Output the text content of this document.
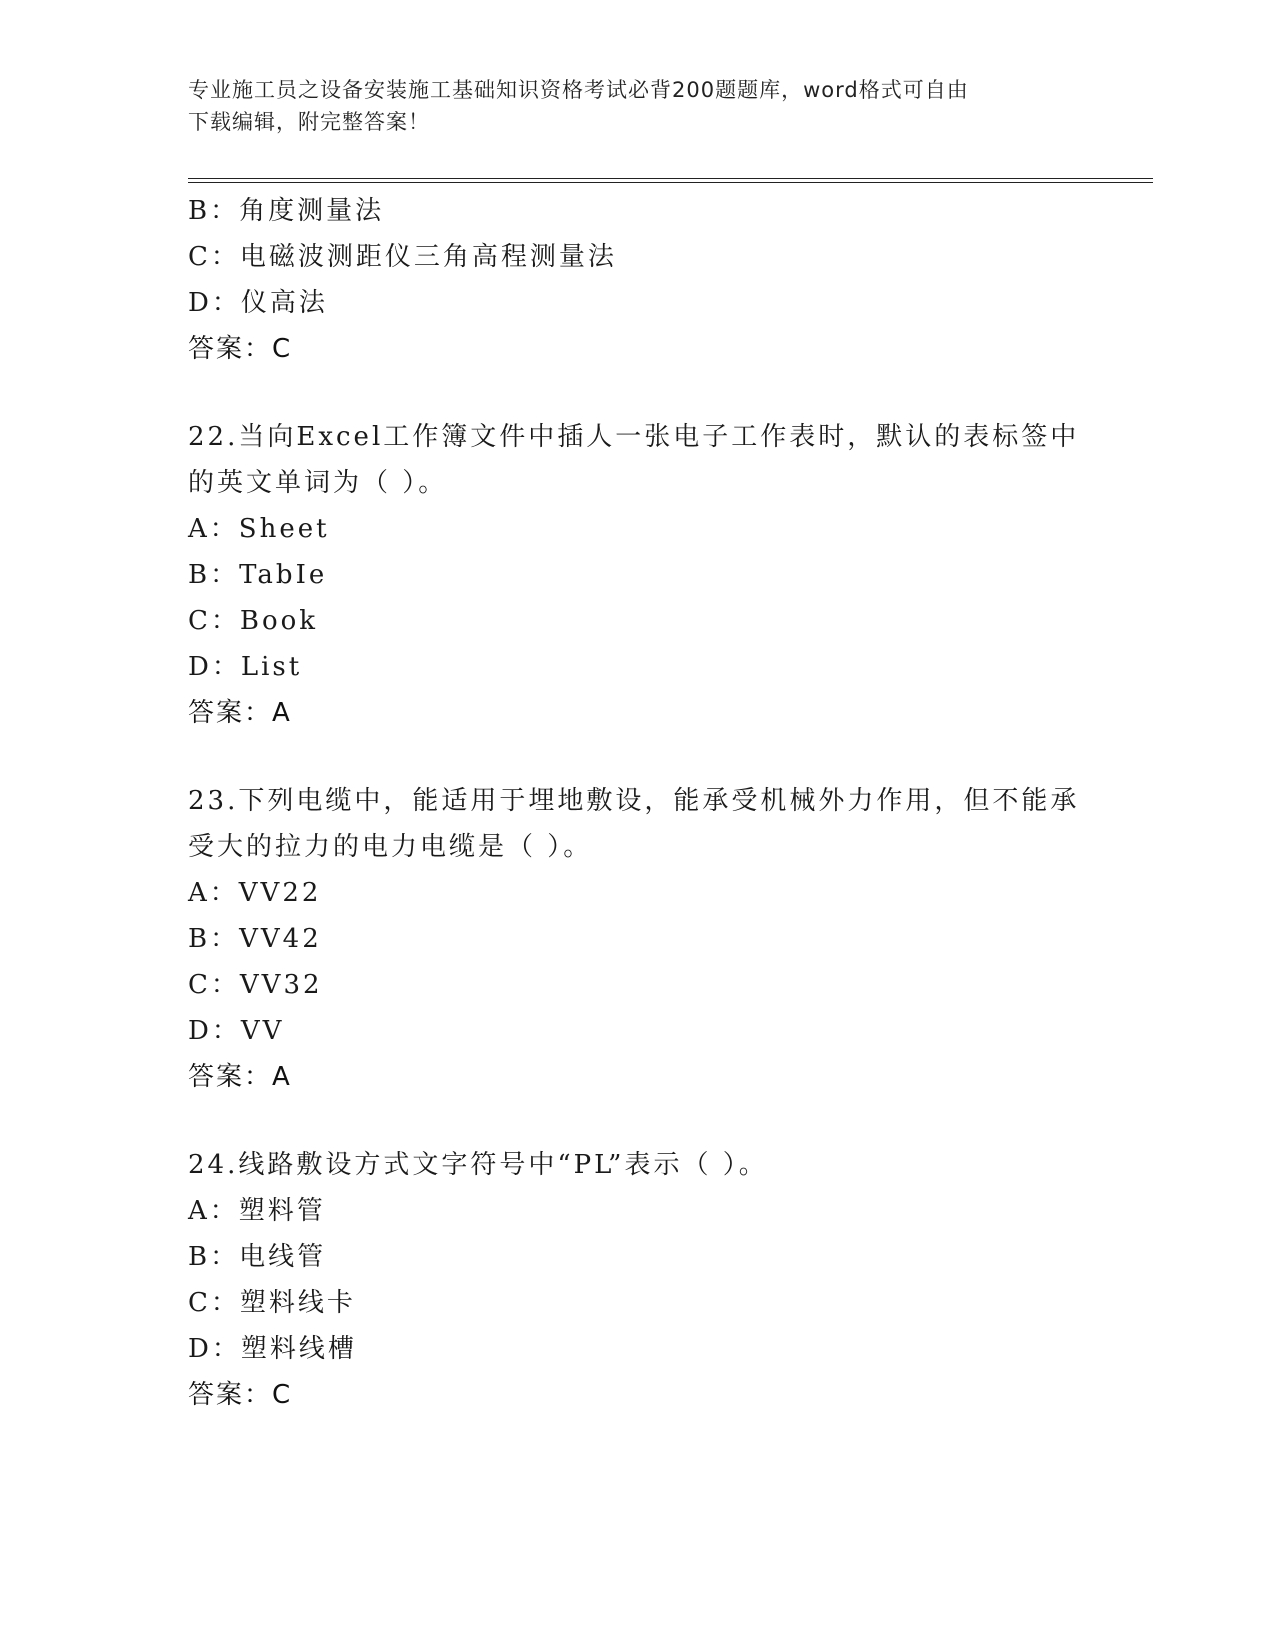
专业施工员之设备安装施工基础知识资格考试必背200题题库，word格式可自由
下载编辑，附完整答案！
B：角度测量法
C：电磁波测距仪三角高程测量法
D：仪高法
答案：C
22.当向Excel工作簿文件中插人一张电子工作表时，默认的表标签中
的英文单词为（ ）。
A：Sheet
B：TabIe
C：Book
D：List
答案：A
23.下列电缆中，能适用于埋地敷设，能承受机械外力作用，但不能承
受大的拉力的电力电缆是（ ）。
A：VV22
B：VV42
C：VV32
D：VV
答案：A
24.线路敷设方式文字符号中“PL”表示（ ）。
A：塑料管
B：电线管
C：塑料线卡
D：塑料线槽
答案：C
